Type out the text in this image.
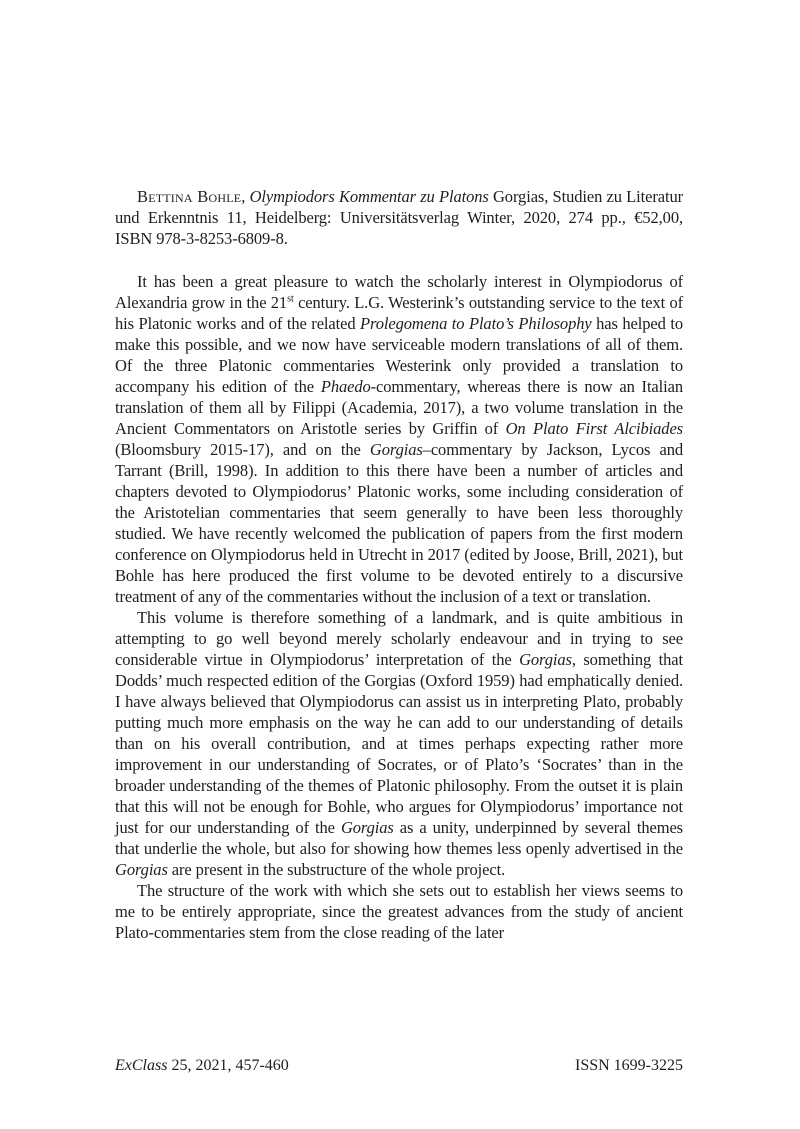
Bettina Bohle, Olympiodors Kommentar zu Platons Gorgias, Studien zu Literatur und Erkenntnis 11, Heidelberg: Universitätsverlag Winter, 2020, 274 pp., €52,00, ISBN 978-3-8253-6809-8.

It has been a great pleasure to watch the scholarly interest in Olympiodorus of Alexandria grow in the 21st century. L.G. Westerink’s outstanding service to the text of his Platonic works and of the related Prolegomena to Plato’s Philosophy has helped to make this possible, and we now have serviceable modern translations of all of them. Of the three Platonic commentaries Westerink only provided a translation to accompany his edition of the Phaedo-commentary, whereas there is now an Italian translation of them all by Filippi (Academia, 2017), a two volume translation in the Ancient Commentators on Aristotle series by Griffin of On Plato First Alcibiades (Bloomsbury 2015-17), and on the Gorgias–commentary by Jackson, Lycos and Tarrant (Brill, 1998). In addition to this there have been a number of articles and chapters devoted to Olympiodorus’ Platonic works, some including consideration of the Aristotelian commentaries that seem generally to have been less thoroughly studied. We have recently welcomed the publication of papers from the first modern conference on Olympiodorus held in Utrecht in 2017 (edited by Joose, Brill, 2021), but Bohle has here produced the first volume to be devoted entirely to a discursive treatment of any of the commentaries without the inclusion of a text or translation.

This volume is therefore something of a landmark, and is quite ambitious in attempting to go well beyond merely scholarly endeavour and in trying to see considerable virtue in Olympiodorus’ interpretation of the Gorgias, something that Dodds’ much respected edition of the Gorgias (Oxford 1959) had emphatically denied. I have always believed that Olympiodorus can assist us in interpreting Plato, probably putting much more emphasis on the way he can add to our understanding of details than on his overall contribution, and at times perhaps expecting rather more improvement in our understanding of Socrates, or of Plato’s ‘Socrates’ than in the broader understanding of the themes of Platonic philosophy. From the outset it is plain that this will not be enough for Bohle, who argues for Olympiodorus’ importance not just for our understanding of the Gorgias as a unity, underpinned by several themes that underlie the whole, but also for showing how themes less openly advertised in the Gorgias are present in the substructure of the whole project.

The structure of the work with which she sets out to establish her views seems to me to be entirely appropriate, since the greatest advances from the study of ancient Plato-commentaries stem from the close reading of the later

ExClass 25, 2021, 457-460	ISSN 1699-3225
